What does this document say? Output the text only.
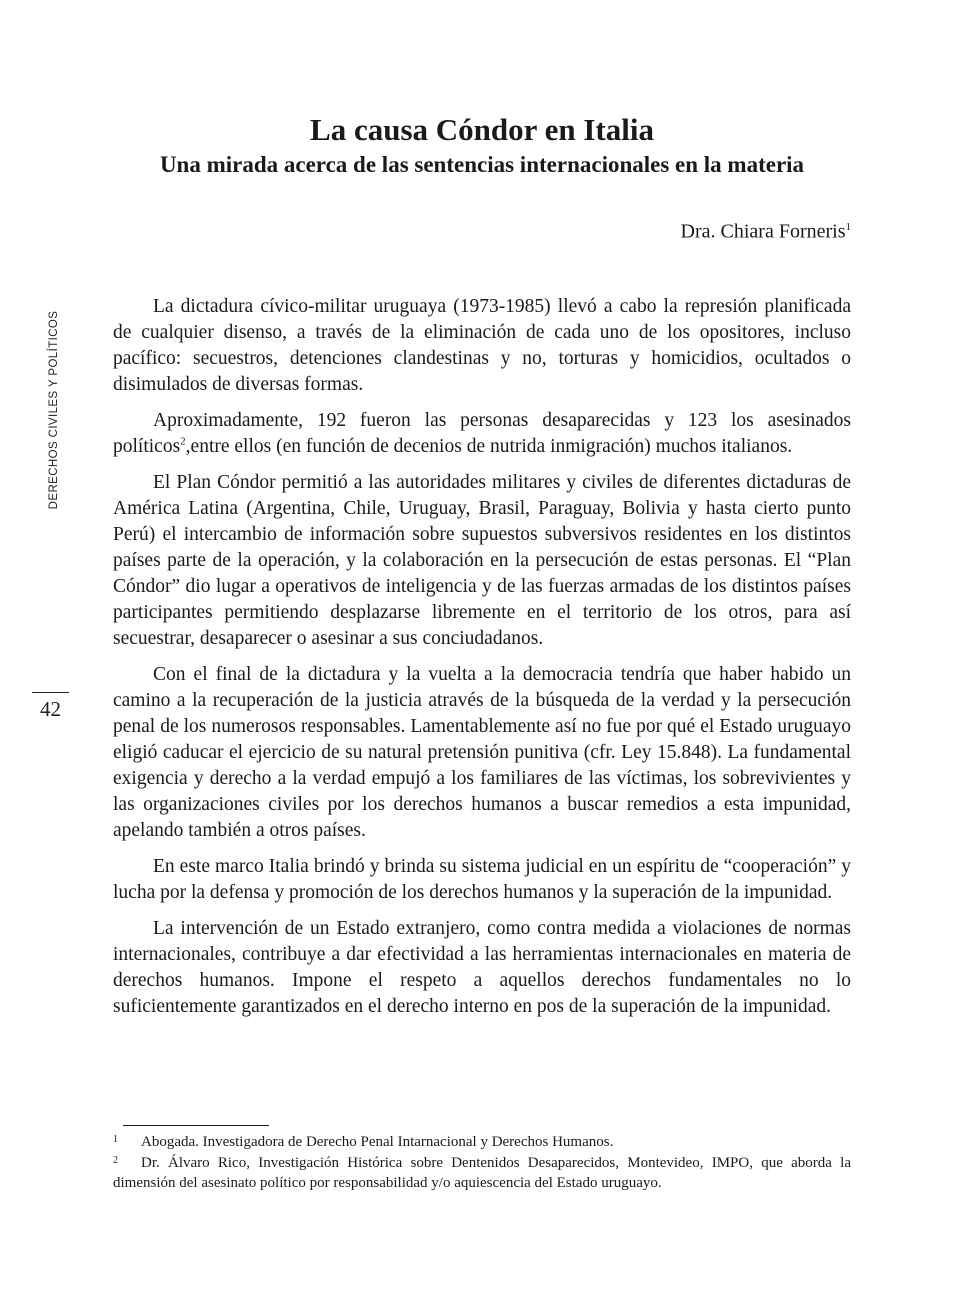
DERECHOS CIVILES Y POLÍTICOS
42
La causa Cóndor en Italia
Una mirada acerca de las sentencias internacionales en la materia
Dra. Chiara Forneris$^1$

La dictadura cívico-militar uruguaya (1973-1985) llevó a cabo la represión planificada de cualquier disenso, a través de la eliminación de cada uno de los opositores, incluso pacífico: secuestros, detenciones clandestinas y no, torturas y homicidios, ocultados o disimulados de diversas formas.

Aproximadamente, 192 fueron las personas desaparecidas y 123 los asesinados políticos$^2$,entre ellos (en función de decenios de nutrida inmigración) muchos italianos.

El Plan Cóndor permitió a las autoridades militares y civiles de diferentes dictaduras de América Latina (Argentina, Chile, Uruguay, Brasil, Paraguay, Bolivia y hasta cierto punto Perú) el intercambio de información sobre supuestos subversivos residentes en los distintos países parte de la operación, y la colaboración en la persecución de estas personas. El “Plan Cóndor” dio lugar a operativos de inteligencia y de las fuerzas armadas de los distintos países participantes permitiendo desplazarse libremente en el territorio de los otros, para así secuestrar, desaparecer o asesinar a sus conciudadanos.

Con el final de la dictadura y la vuelta a la democracia tendría que haber habido un camino a la recuperación de la justicia através de la búsqueda de la verdad y la persecución penal de los numerosos responsables. Lamentablemente así no fue por qué el Estado uruguayo eligió caducar el ejercicio de su natural pretensión punitiva (cfr. Ley 15.848). La fundamental exigencia y derecho a la verdad empujó a los familiares de las víctimas, los sobrevivientes y las organizaciones civiles por los derechos humanos a buscar remedios a esta impunidad, apelando también a otros países.

En este marco Italia brindó y brinda su sistema judicial en un espíritu de “cooperación” y lucha por la defensa y promoción de los derechos humanos y la superación de la impunidad.

La intervención de un Estado extranjero, como contra medida a violaciones de normas internacionales, contribuye a dar efectividad a las herramientas internacionales en materia de derechos humanos. Impone el respeto a aquellos derechos fundamentales no lo suficientemente garantizados en el derecho interno en pos de la superación de la impunidad.

1 Abogada. Investigadora de Derecho Penal Intarnacional y Derechos Humanos.

2 Dr. Álvaro Rico, Investigación Histórica sobre Dentenidos Desaparecidos, Montevideo, IMPO, que aborda la dimensión del asesinato político por responsabilidad y/o aquiescencia del Estado uruguayo.
